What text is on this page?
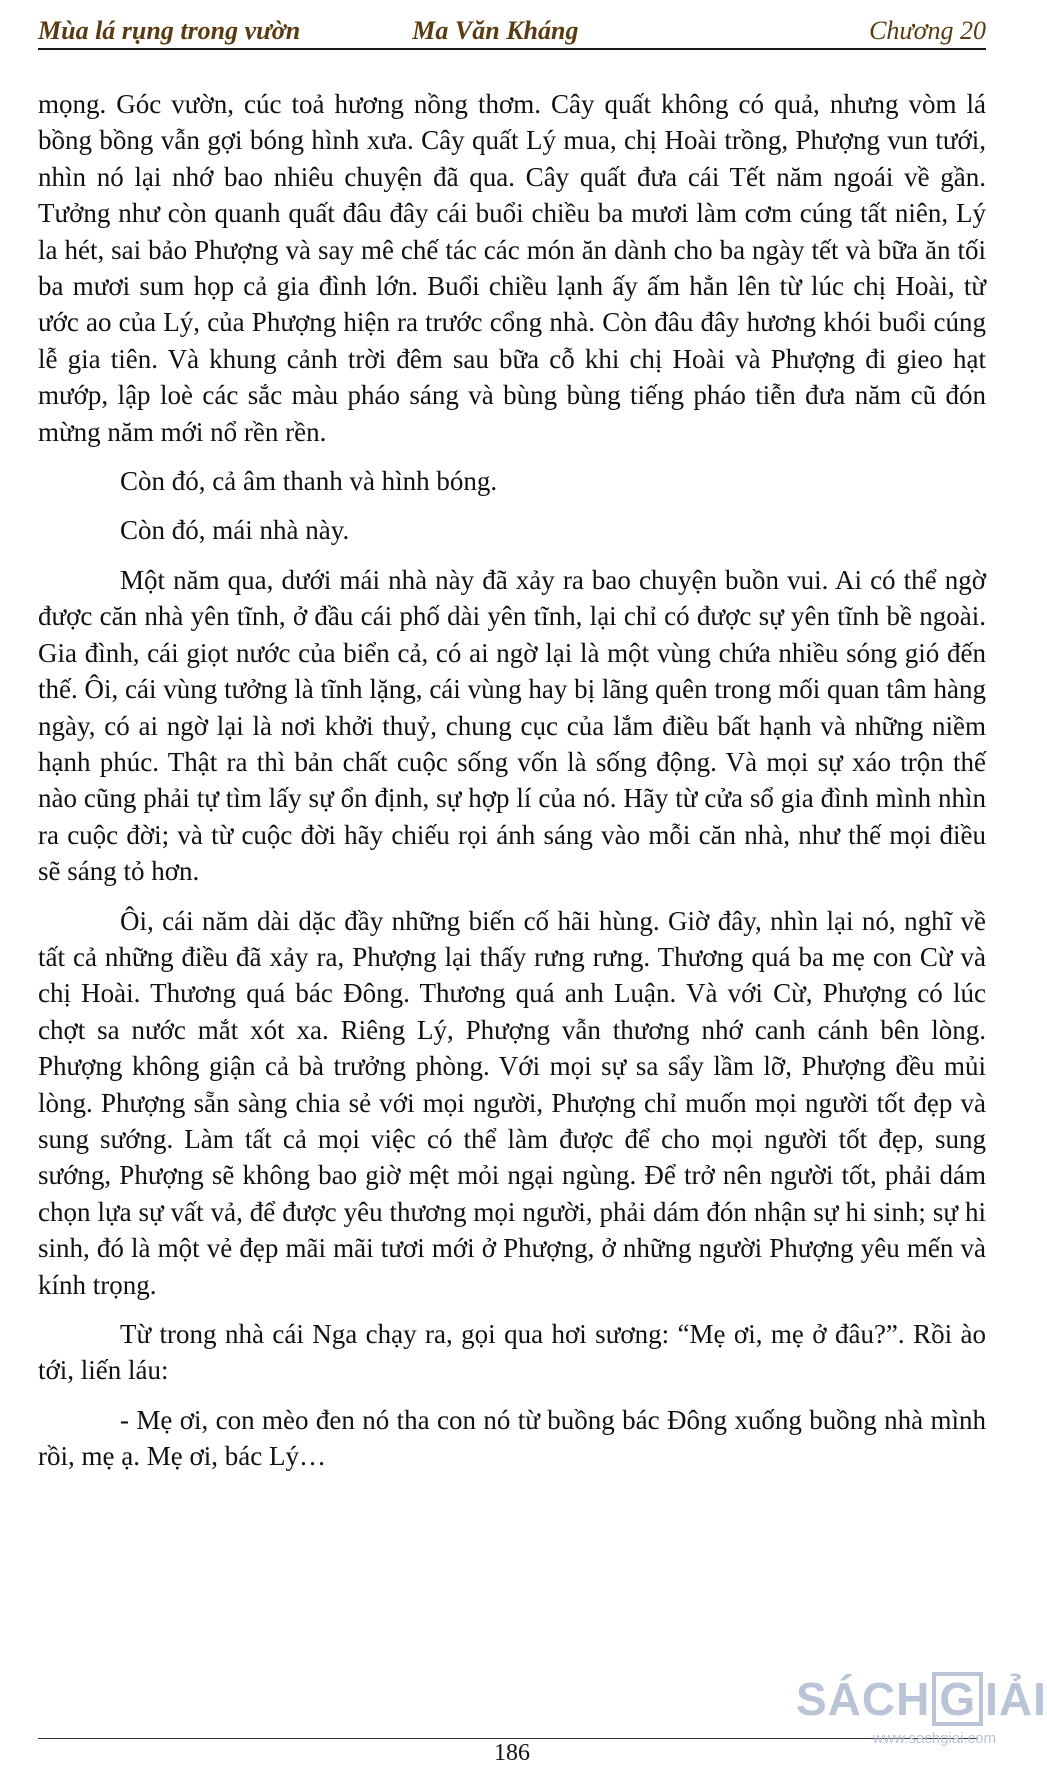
Mùa lá rụng trong vườn	Ma Văn Kháng	Chương 20

mọng. Góc vườn, cúc toả hương nồng thơm. Cây quất không có quả, nhưng vòm lá bồng bồng vẫn gợi bóng hình xưa. Cây quất Lý mua, chị Hoài trồng, Phượng vun tưới, nhìn nó lại nhớ bao nhiêu chuyện đã qua. Cây quất đưa cái Tết năm ngoái về gần. Tưởng như còn quanh quất đâu đây cái buổi chiều ba mươi làm cơm cúng tất niên, Lý la hét, sai bảo Phượng và say mê chế tác các món ăn dành cho ba ngày tết và bữa ăn tối ba mươi sum họp cả gia đình lớn. Buổi chiều lạnh ấy ấm hẳn lên từ lúc chị Hoài, từ ước ao của Lý, của Phượng hiện ra trước cổng nhà. Còn đâu đây hương khói buổi cúng lễ gia tiên. Và khung cảnh trời đêm sau bữa cỗ khi chị Hoài và Phượng đi gieo hạt mướp, lập loè các sắc màu pháo sáng và bùng bùng tiếng pháo tiễn đưa năm cũ đón mừng năm mới nổ rền rền.

Còn đó, cả âm thanh và hình bóng.

Còn đó, mái nhà này.

Một năm qua, dưới mái nhà này đã xảy ra bao chuyện buồn vui. Ai có thể ngờ được căn nhà yên tĩnh, ở đầu cái phố dài yên tĩnh, lại chỉ có được sự yên tĩnh bề ngoài. Gia đình, cái giọt nước của biển cả, có ai ngờ lại là một vùng chứa nhiều sóng gió đến thế. Ôi, cái vùng tưởng là tĩnh lặng, cái vùng hay bị lãng quên trong mối quan tâm hàng ngày, có ai ngờ lại là nơi khởi thuỷ, chung cục của lắm điều bất hạnh và những niềm hạnh phúc. Thật ra thì bản chất cuộc sống vốn là sống động. Và mọi sự xáo trộn thế nào cũng phải tự tìm lấy sự ổn định, sự hợp lí của nó. Hãy từ cửa sổ gia đình mình nhìn ra cuộc đời; và từ cuộc đời hãy chiếu rọi ánh sáng vào mỗi căn nhà, như thế mọi điều sẽ sáng tỏ hơn.

Ôi, cái năm dài dặc đầy những biến cố hãi hùng. Giờ đây, nhìn lại nó, nghĩ về tất cả những điều đã xảy ra, Phượng lại thấy rưng rưng. Thương quá ba mẹ con Cừ và chị Hoài. Thương quá bác Đông. Thương quá anh Luận. Và với Cừ, Phượng có lúc chợt sa nước mắt xót xa. Riêng Lý, Phượng vẫn thương nhớ canh cánh bên lòng. Phượng không giận cả bà trưởng phòng. Với mọi sự sa sẩy lầm lỡ, Phượng đều mủi lòng. Phượng sẵn sàng chia sẻ với mọi người, Phượng chỉ muốn mọi người tốt đẹp và sung sướng. Làm tất cả mọi việc có thể làm được để cho mọi người tốt đẹp, sung sướng, Phượng sẽ không bao giờ mệt mỏi ngại ngùng. Để trở nên người tốt, phải dám chọn lựa sự vất vả, để được yêu thương mọi người, phải dám đón nhận sự hi sinh; sự hi sinh, đó là một vẻ đẹp mãi mãi tươi mới ở Phượng, ở những người Phượng yêu mến và kính trọng.

Từ trong nhà cái Nga chạy ra, gọi qua hơi sương: “Mẹ ơi, mẹ ở đâu?”. Rồi ào tới, liến láu:

- Mẹ ơi, con mèo đen nó tha con nó từ buồng bác Đông xuống buồng nhà mình rồi, mẹ ạ. Mẹ ơi, bác Lý…

186
SÁCH G IẢI
www.sachgiai.com
